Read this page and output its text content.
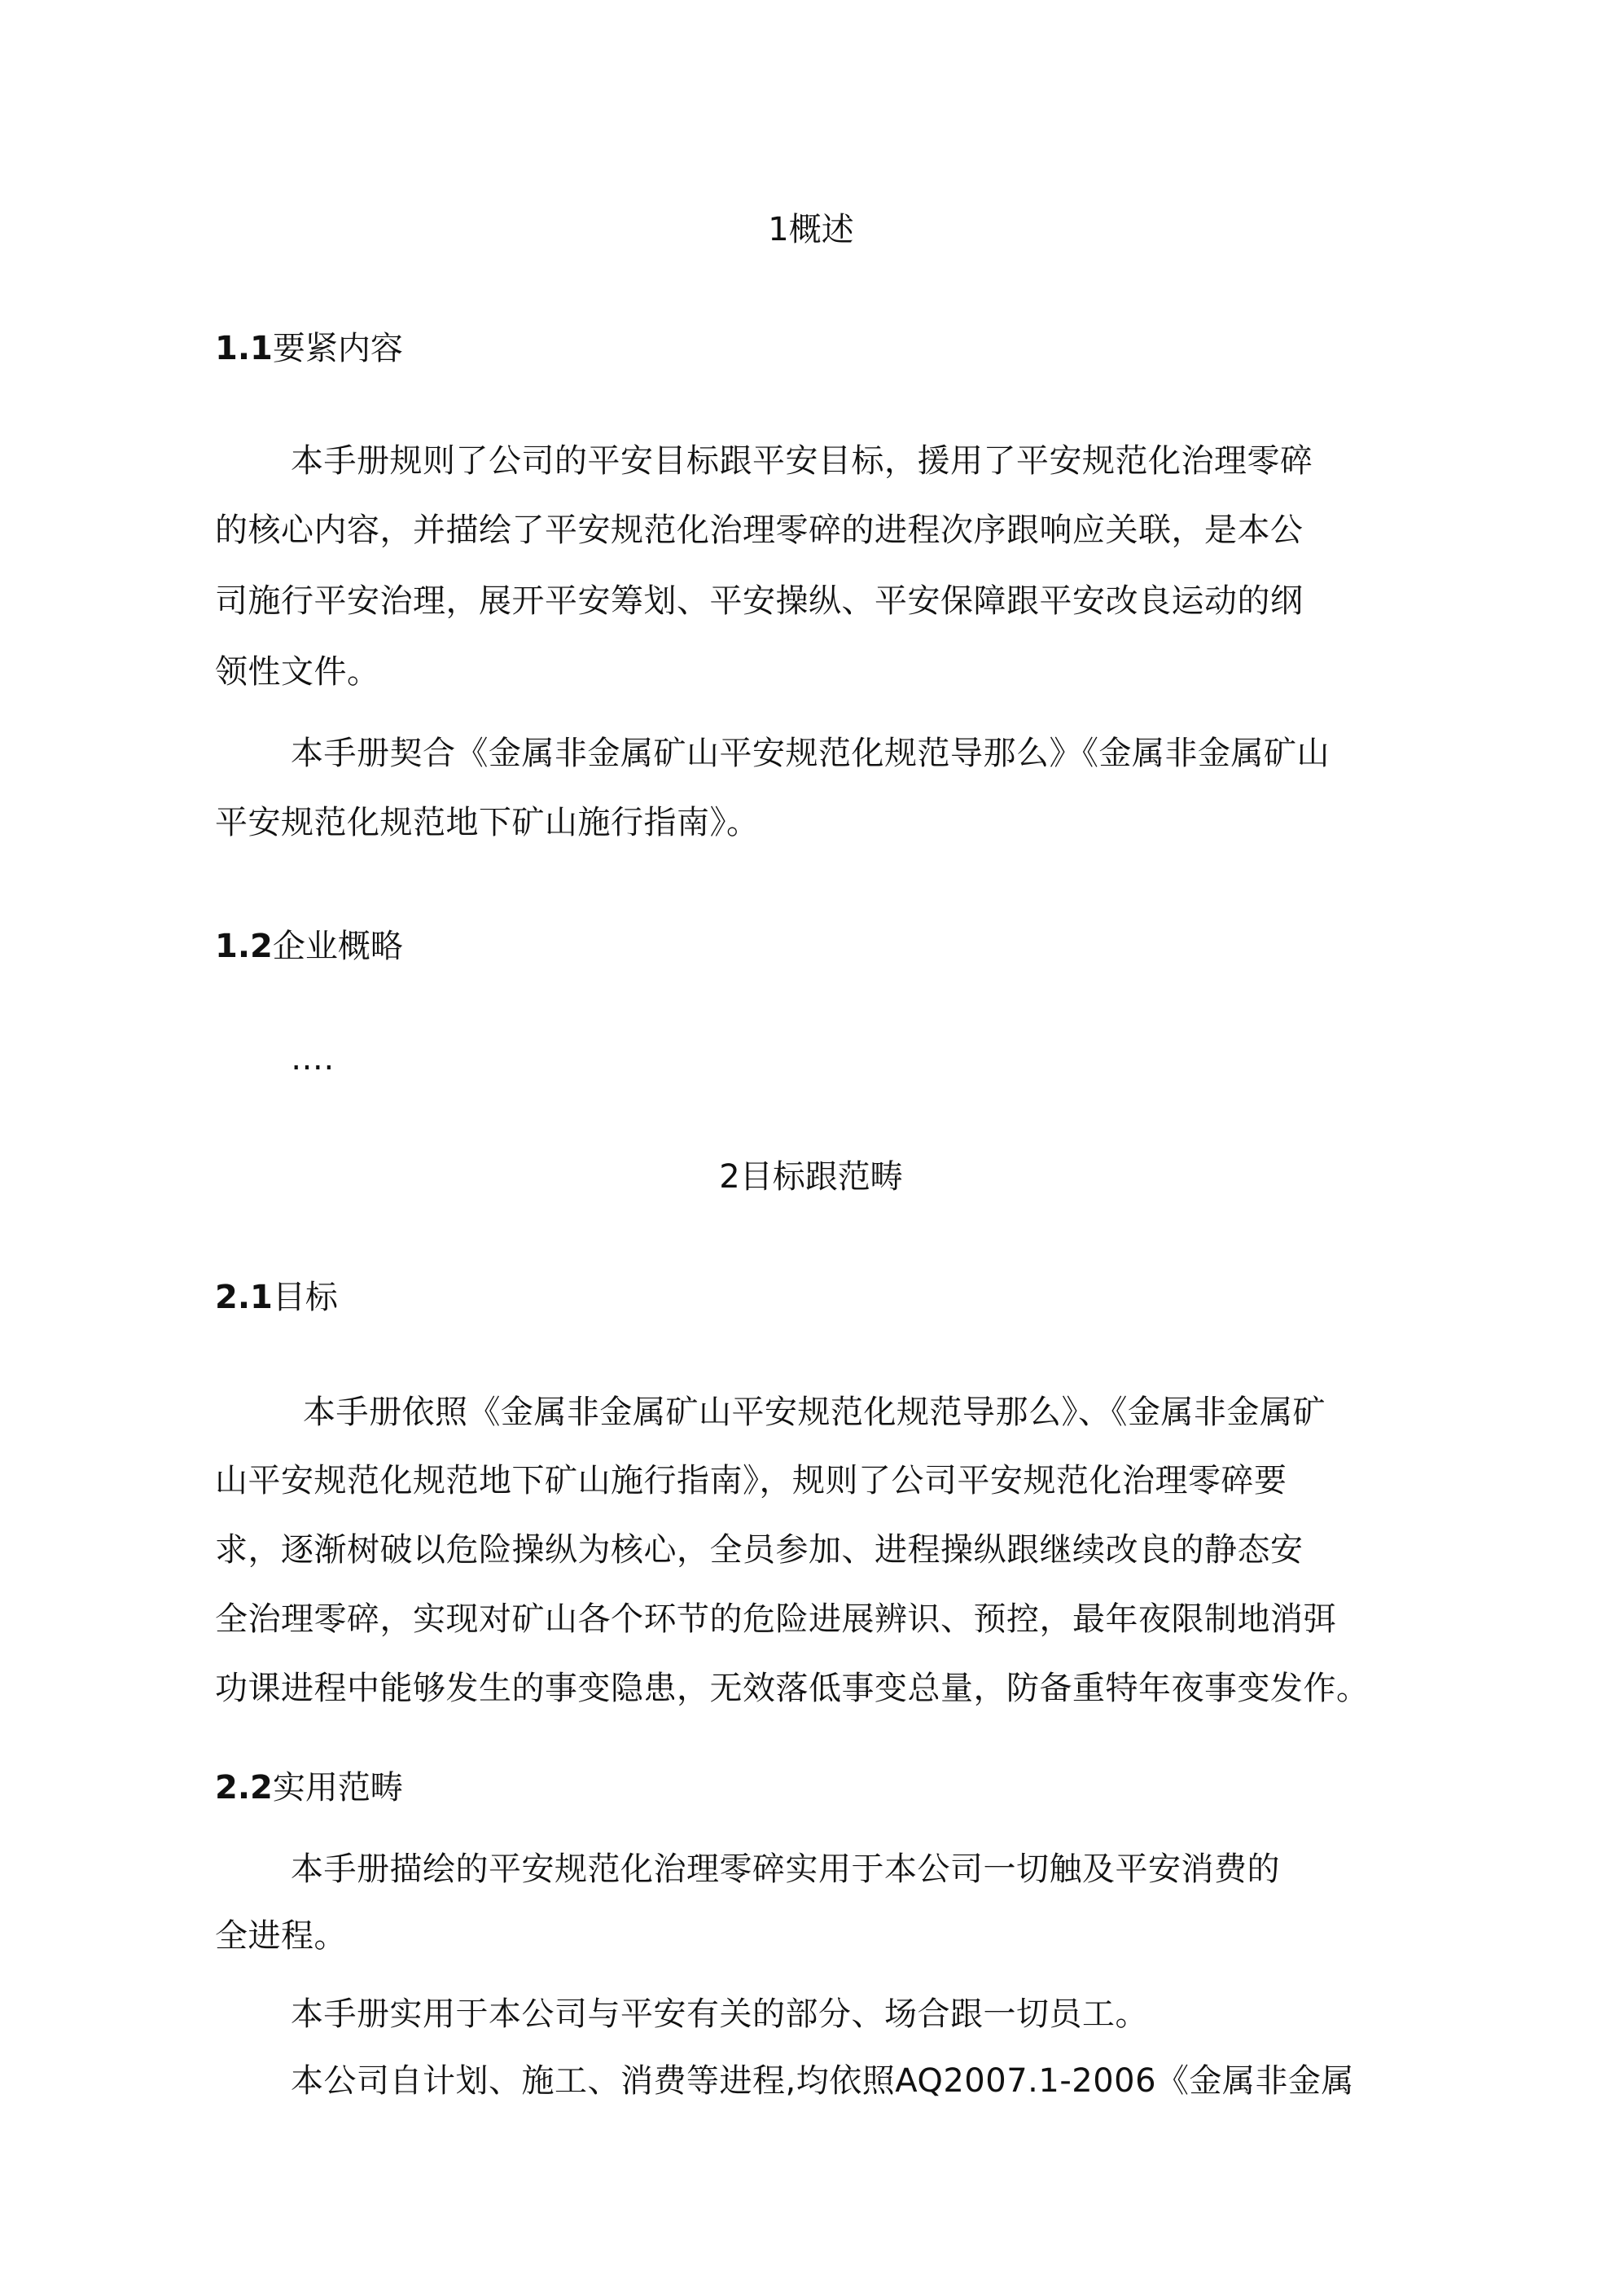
1概述
1.1要紧内容
本手册规则了公司的平安目标跟平安目标，援用了平安规范化治理零碎
的核心内容，并描绘了平安规范化治理零碎的进程次序跟响应关联，是本公
司施行平安治理，展开平安筹划、平安操纵、平安保障跟平安改良运动的纲
领性文件。
本手册契合《金属非金属矿山平安规范化规范导那么》《金属非金属矿山
平安规范化规范地下矿山施行指南》。
1.2企业概略
….
2目标跟范畴
2.1目标
本手册依照《金属非金属矿山平安规范化规范导那么》、《金属非金属矿
山平安规范化规范地下矿山施行指南》，规则了公司平安规范化治理零碎要
求，逐渐树破以危险操纵为核心，全员参加、进程操纵跟继续改良的静态安
全治理零碎，实现对矿山各个环节的危险进展辨识、预控，最年夜限制地消弭
功课进程中能够发生的事变隐患，无效落低事变总量，防备重特年夜事变发作。
2.2实用范畴
本手册描绘的平安规范化治理零碎实用于本公司一切触及平安消费的
全进程。
本手册实用于本公司与平安有关的部分、场合跟一切员工。
本公司自计划、施工、消费等进程,均依照AQ2007.1-2006《金属非金属
